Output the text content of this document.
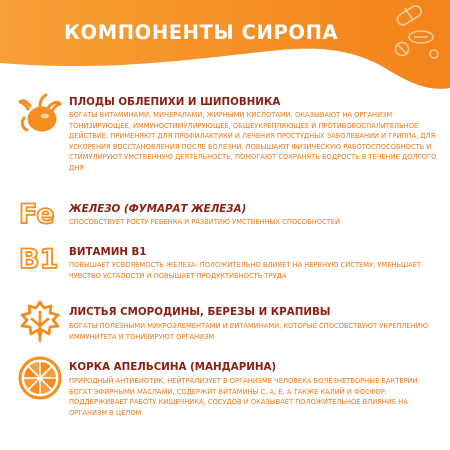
КОМПОНЕНТЫ СИРОПА

ПЛОДЫ ОБЛЕПИХИ И ШИПОВНИКА

БОГАТЫ ВИТАМИНАМИ, МИНЕРАЛАМИ, ЖИРНЫМИ КИСЛОТАМИ. ОКАЗЫВАЮТ НА ОРГАНИЗМ ТОНИЗИРУЮЩЕЕ, ИММУНОСТИМУЛИРУЮЩЕЕ, ОБЩЕУКРЕПЛЯЮЩЕЕ И ПРОТИВОВОСПАЛИТЕЛЬНОЕ ДЕЙСТВИЕ. ПРИМЕНЯЮТ ДЛЯ ПРОФИЛАКТИКИ И ЛЕЧЕНИЯ ПРОСТУДНЫХ ЗАБОЛЕВАНИЙ И ГРИППА, ДЛЯ УСКОРЕНИЯ ВОССТАНОВЛЕНИЯ ПОСЛЕ БОЛЕЗНИ. ПОВЫШАЮТ ФИЗИЧЕСКУЮ РАБОТОСПОСОБНОСТЬ И СТИМУЛИРУЮТ УМСТВЕННУЮ ДЕЯТЕЛЬНОСТЬ, ПОМОГАЮТ СОХРАНЯТЬ БОДРОСТЬ В ТЕЧЕНИЕ ДОЛГОГО ДНЯ

Fe ЖЕЛЕЗО (ФУМАРАТ ЖЕЛЕЗА)

СПОСОБСТВУЕТ РОСТУ РЕБЕНКА И РАЗВИТИЮ УМСТВЕННЫХ СПОСОБНОСТЕЙ

B1 ВИТАМИН B1

ПОВЫШАЕТ УСВОЯЕМОСТЬ ЖЕЛЕЗА. ПОЛОЖИТЕЛЬНО ВЛИЯЕТ НА НЕРВНУЮ СИСТЕМУ, УМЕНЬШАЕТ ЧУВСТВО УСТАЛОСТИ И ПОВЫШАЕТ ПРОДУКТИВНОСТЬ ТРУДА

ЛИСТЬЯ СМОРОДИНЫ, БЕРЕЗЫ И КРАПИВЫ

БОГАТЫ ПОЛЕЗНЫМИ МИКРОЭЛЕМЕНТАМИ И ВИТАМИНАМИ, КОТОРЫЕ СПОСОБСТВУЮТ УКРЕПЛЕНИЮ ИММУНИТЕТА И ТОНИЗИРУЮТ ОРГАНИЗМ

КОРКА АПЕЛЬСИНА (МАНДАРИНА)

ПРИРОДНЫЙ АНТИБИОТИК, НЕЙТРАЛИЗУЕТ В ОРГАНИЗМЕ ЧЕЛОВЕКА БОЛЕЗНЕТВОРНЫЕ БАКТЕРИИ. БОГАТ ЭФИРНЫМИ МАСЛАМИ, СОДЕРЖИТ ВИТАМИНЫ С, А, Е, А ТАКЖЕ КАЛИЙ И ФОСФОР. ПОДДЕРЖИВАЕТ РАБОТУ КИШЕЧНИКА, СОСУДОВ И ОКАЗЫВАЕТ ПОЛОЖИТЕЛЬНОЕ ВЛИЯНИЕ НА ОРГАНИЗМ В ЦЕЛОМ
